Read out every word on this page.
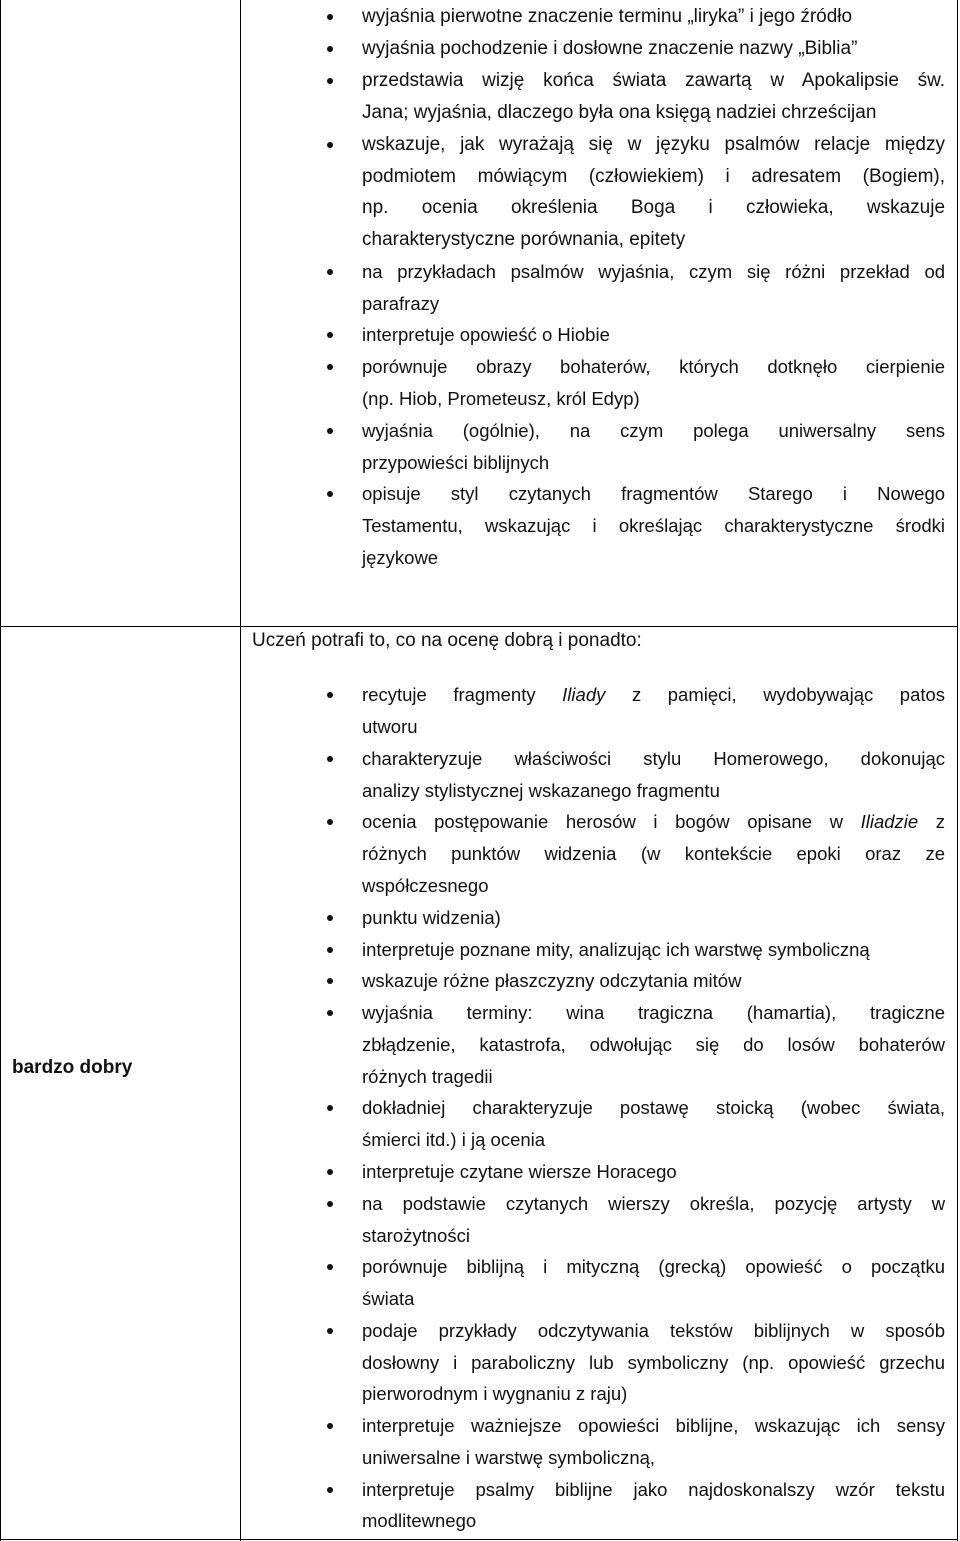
bardzo dobry
Uczeń potrafi to, co na ocenę dobrą i ponadto:
wyjaśnia pierwotne znaczenie terminu „liryka” i jego źródło
wyjaśnia pochodzenie i dosłowne znaczenie nazwy „Biblia”
przedstawia wizję końca świata zawartą w Apokalipsie św.
Jana; wyjaśnia, dlaczego była ona księgą nadziei chrześcijan
wskazuje, jak wyrażają się w języku psalmów relacje między
podmiotem mówiącym (człowiekiem) i adresatem (Bogiem),
np. ocenia określenia Boga i człowieka, wskazuje
charakterystyczne porównania, epitety
na przykładach psalmów wyjaśnia, czym się różni przekład od
parafrazy
interpretuje opowieść o Hiobie
porównuje obrazy bohaterów, których dotknęło cierpienie
(np. Hiob, Prometeusz, król Edyp)
wyjaśnia (ogólnie), na czym polega uniwersalny sens
przypowieści biblijnych
opisuje styl czytanych fragmentów Starego i Nowego
Testamentu, wskazując i określając charakterystyczne środki
językowe
recytuje fragmenty Iliady z pamięci, wydobywając patos
utworu
charakteryzuje właściwości stylu Homerowego, dokonując
analizy stylistycznej wskazanego fragmentu
ocenia postępowanie herosów i bogów opisane w Iliadzie z
różnych punktów widzenia (w kontekście epoki oraz ze
współczesnego
punktu widzenia)
interpretuje poznane mity, analizując ich warstwę symboliczną
wskazuje różne płaszczyzny odczytania mitów
wyjaśnia terminy: wina tragiczna (hamartia), tragiczne
zbłądzenie, katastrofa, odwołując się do losów bohaterów
różnych tragedii
dokładniej charakteryzuje postawę stoicką (wobec świata,
śmierci itd.) i ją ocenia
interpretuje czytane wiersze Horacego
na podstawie czytanych wierszy określa, pozycję artysty w
starożytności
porównuje biblijną i mityczną (grecką) opowieść o początku
świata
podaje przykłady odczytywania tekstów biblijnych w sposób
dosłowny i paraboliczny lub symboliczny (np. opowieść grzechu
pierworodnym i wygnaniu z raju)
interpretuje ważniejsze opowieści biblijne, wskazując ich sensy
uniwersalne i warstwę symboliczną,
interpretuje psalmy biblijne jako najdoskonalszy wzór tekstu
modlitewnego
